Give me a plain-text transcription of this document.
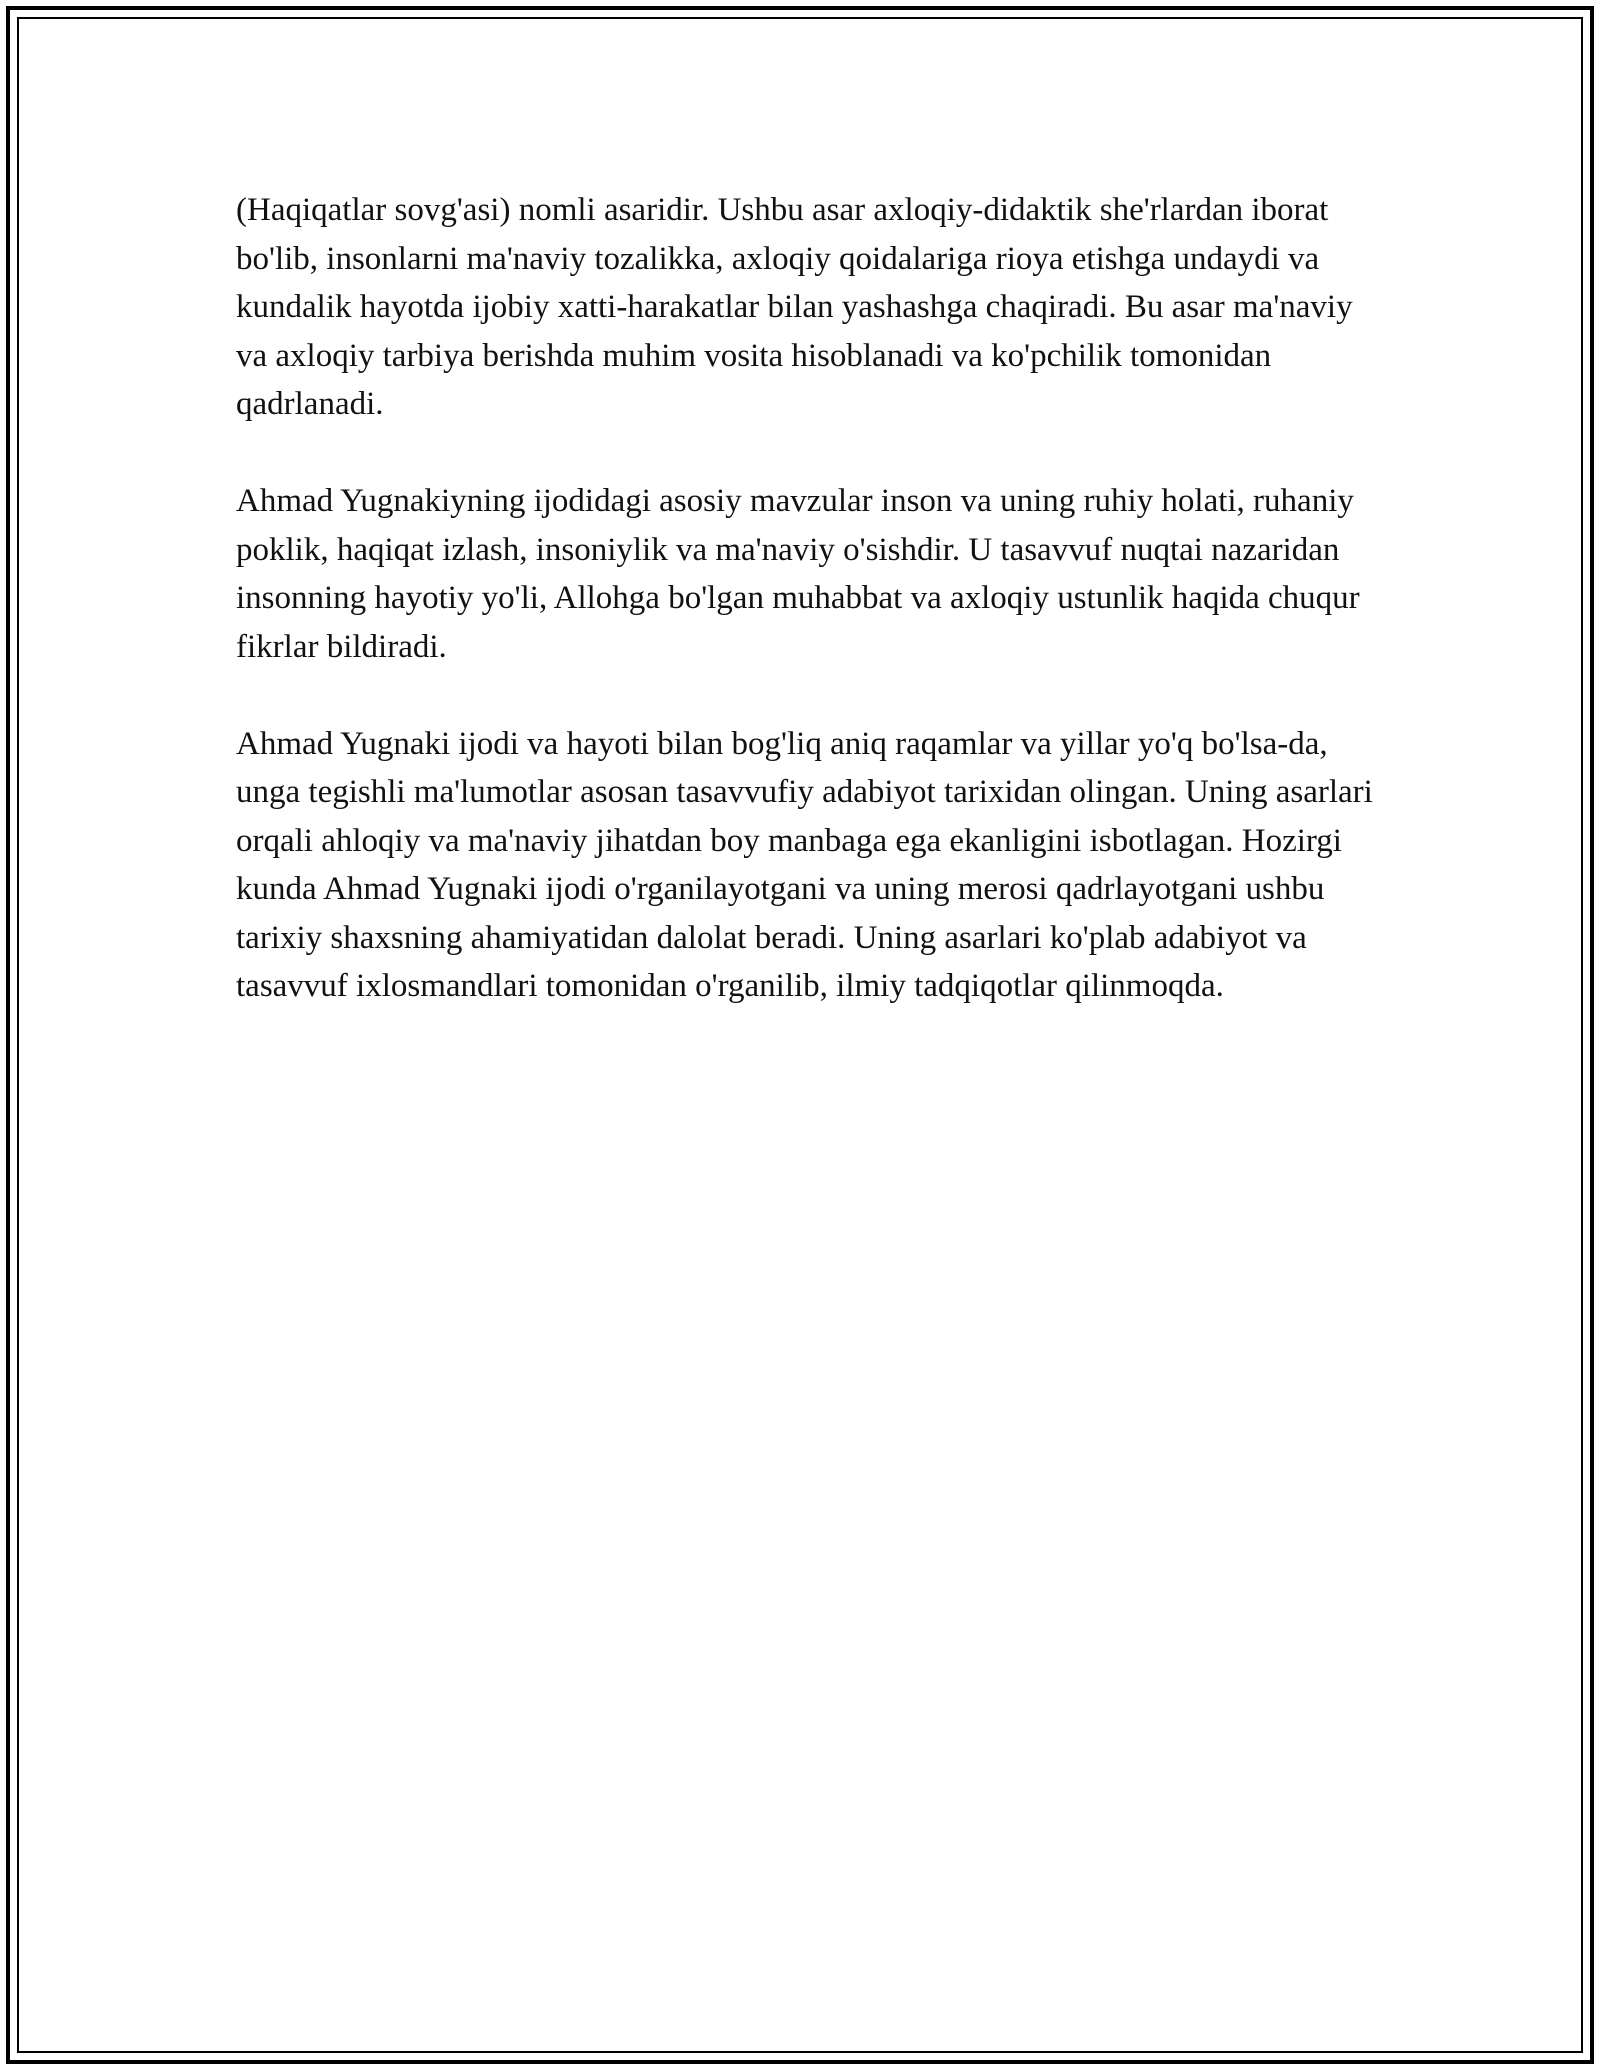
(Haqiqatlar sovg'asi) nomli asaridir. Ushbu asar axloqiy-didaktik she'rlardan iborat bo'lib, insonlarni ma'naviy tozalikka, axloqiy qoidalariga rioya etishga undaydi va kundalik hayotda ijobiy xatti-harakatlar bilan yashashga chaqiradi. Bu asar ma'naviy va axloqiy tarbiya berishda muhim vosita hisoblanadi va ko'pchilik tomonidan qadrlanadi.

Ahmad Yugnakiyning ijodidagi asosiy mavzular inson va uning ruhiy holati, ruhaniy poklik, haqiqat izlash, insoniylik va ma'naviy o'sishdir. U tasavvuf nuqtai nazaridan insonning hayotiy yo'li, Allohga bo'lgan muhabbat va axloqiy ustunlik haqida chuqur fikrlar bildiradi.

Ahmad Yugnaki ijodi va hayoti bilan bog'liq aniq raqamlar va yillar yo'q bo'lsa-da, unga tegishli ma'lumotlar asosan tasavvufiy adabiyot tarixidan olingan. Uning asarlari orqali ahloqiy va ma'naviy jihatdan boy manbaga ega ekanligini isbotlagan. Hozirgi kunda Ahmad Yugnaki ijodi o'rganilayotgani va uning merosi qadrlayotgani ushbu tarixiy shaxsning ahamiyatidan dalolat beradi. Uning asarlari ko'plab adabiyot va tasavvuf ixlosmandlari tomonidan o'rganilib, ilmiy tadqiqotlar qilinmoqda.
